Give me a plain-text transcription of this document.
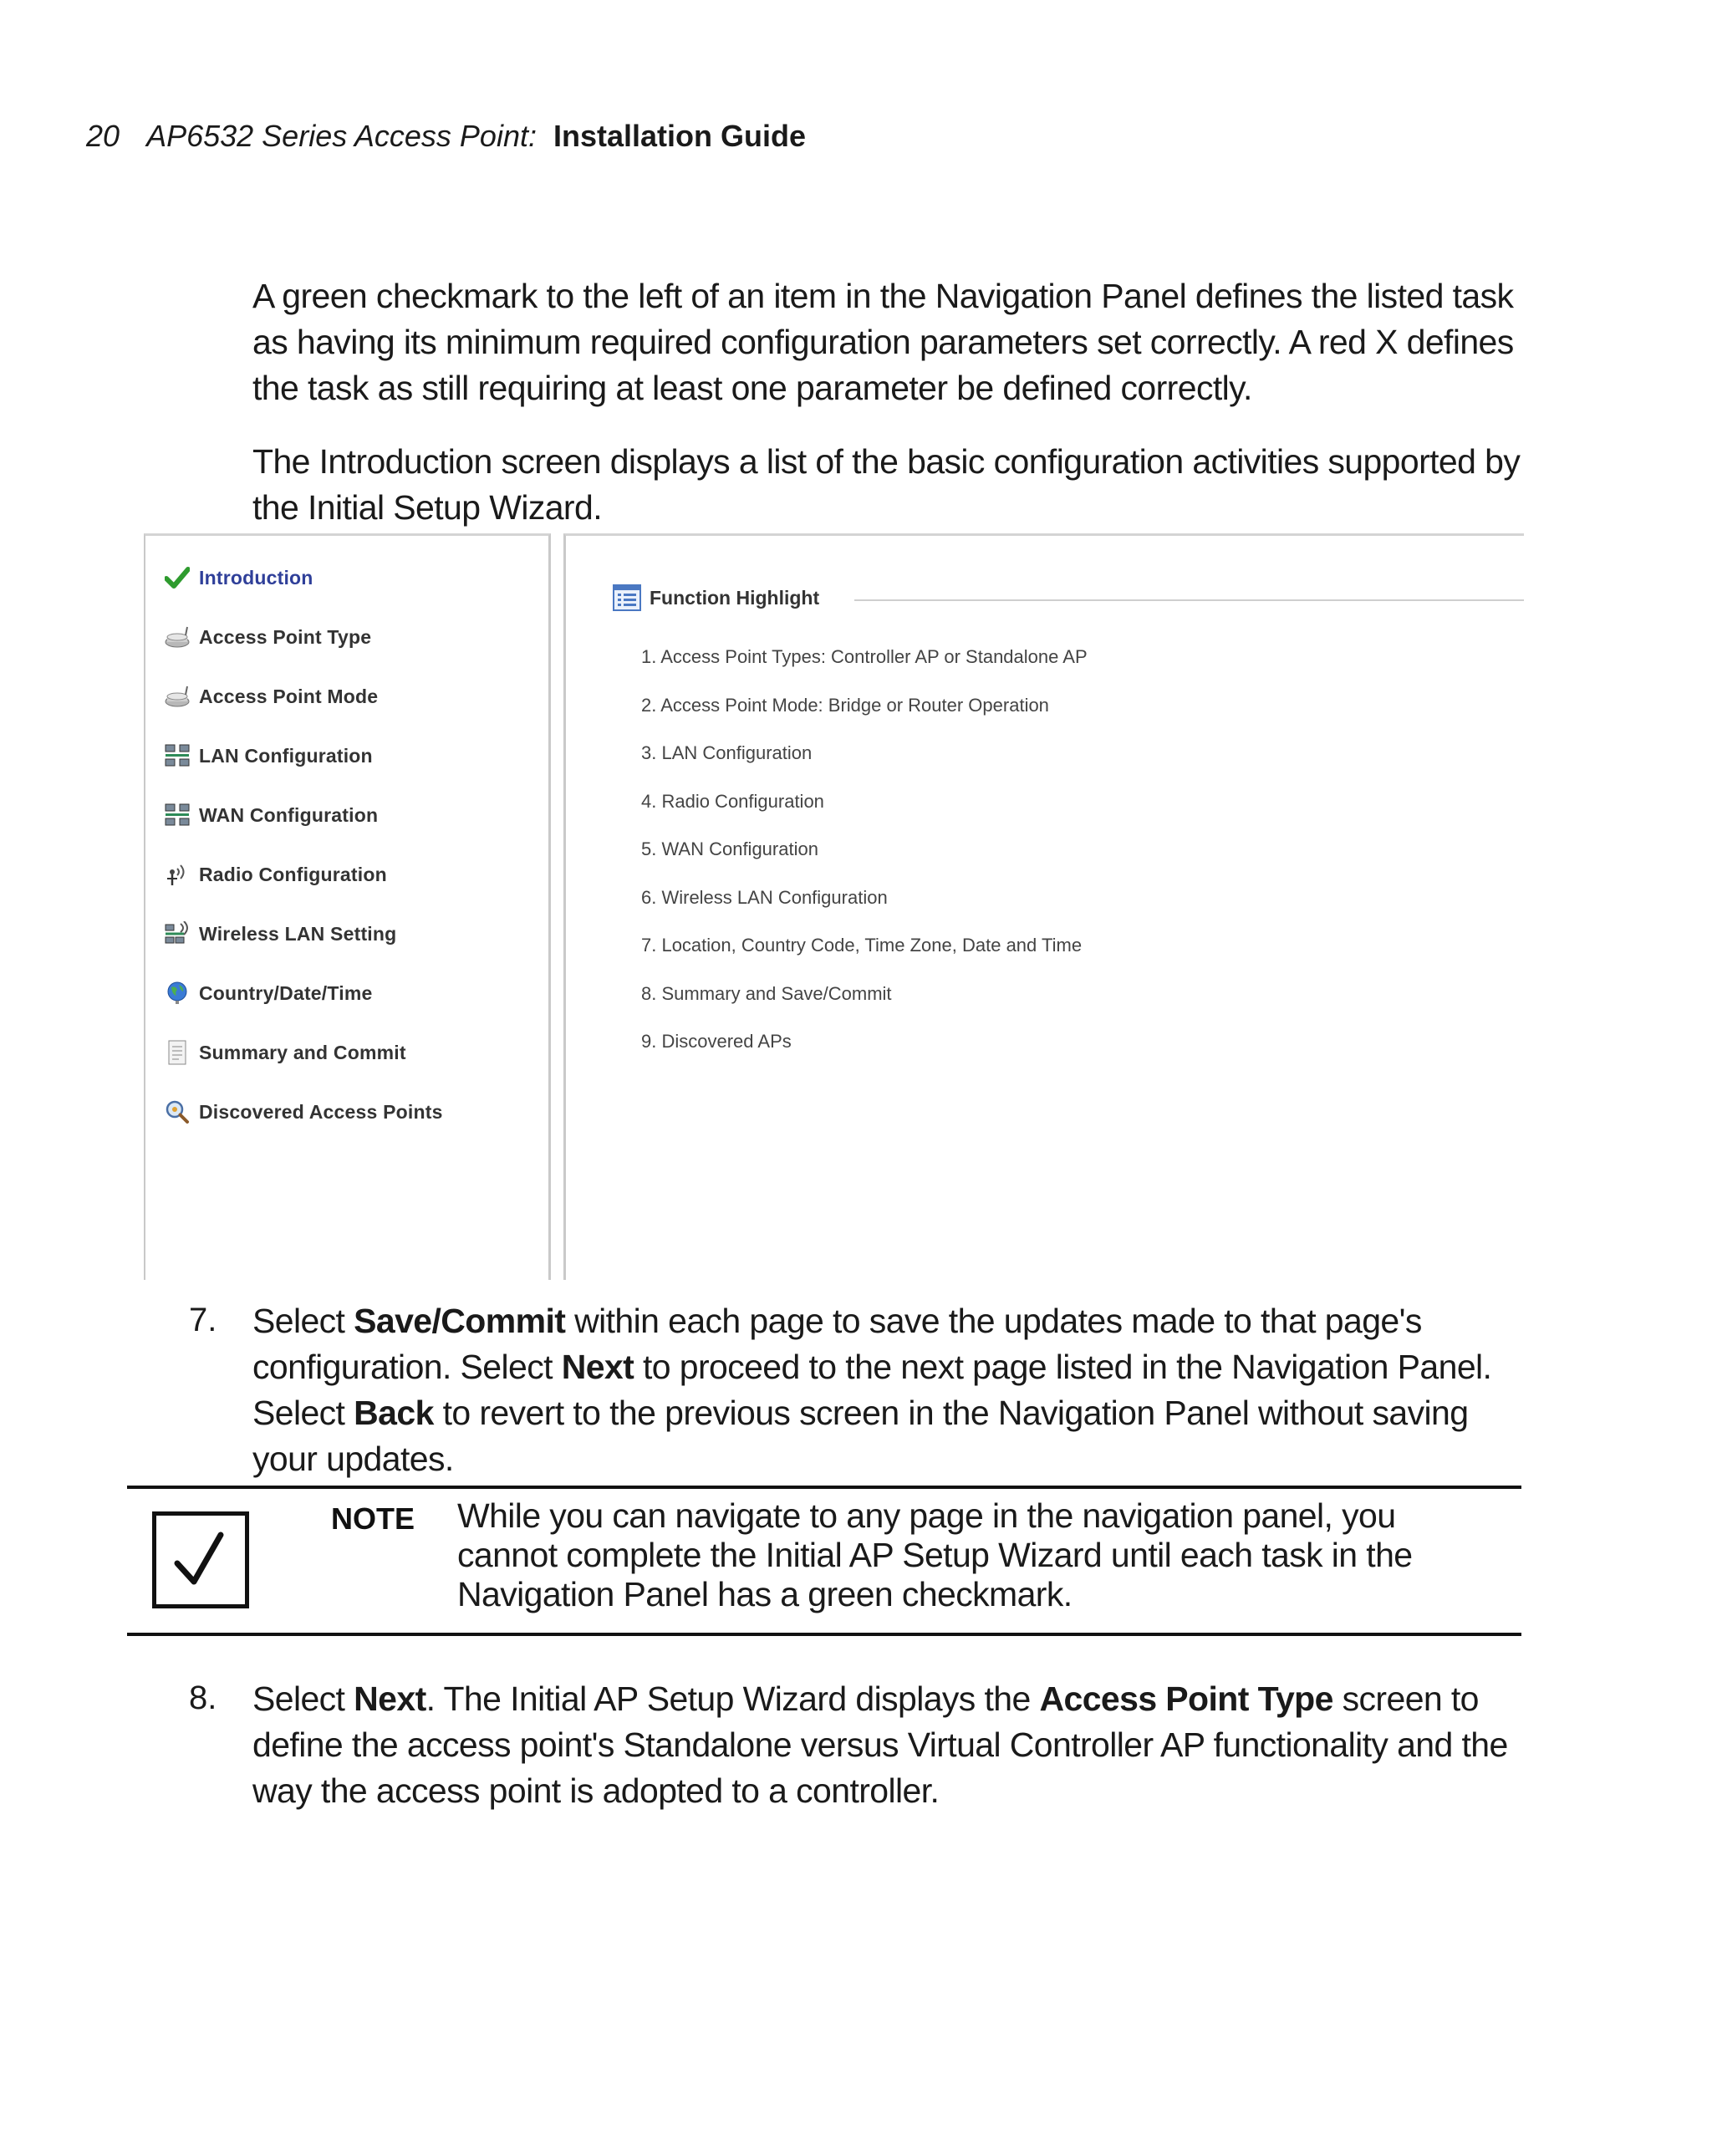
20 AP6532 Series Access Point: Installation Guide
A green checkmark to the left of an item in the Navigation Panel defines the listed task as having its minimum required configuration parameters set correctly. A red X defines the task as still requiring at least one parameter be defined correctly.
The Introduction screen displays a list of the basic configuration activities supported by the Initial Setup Wizard.
Introduction
Access Point Type
Access Point Mode
LAN Configuration
WAN Configuration
Radio Configuration
Wireless LAN Setting
Country/Date/Time
Summary and Commit
Discovered Access Points
Function Highlight
1. Access Point Types: Controller AP or Standalone AP
2. Access Point Mode: Bridge or Router Operation
3. LAN Configuration
4. Radio Configuration
5. WAN Configuration
6. Wireless LAN Configuration
7. Location, Country Code, Time Zone, Date and Time
8. Summary and Save/Commit
9. Discovered APs
7. Select Save/Commit within each page to save the updates made to that page's configuration. Select Next to proceed to the next page listed in the Navigation Panel. Select Back to revert to the previous screen in the Navigation Panel without saving your updates.
NOTE While you can navigate to any page in the navigation panel, you cannot complete the Initial AP Setup Wizard until each task in the Navigation Panel has a green checkmark.
8. Select Next. The Initial AP Setup Wizard displays the Access Point Type screen to define the access point's Standalone versus Virtual Controller AP functionality and the way the access point is adopted to a controller.
